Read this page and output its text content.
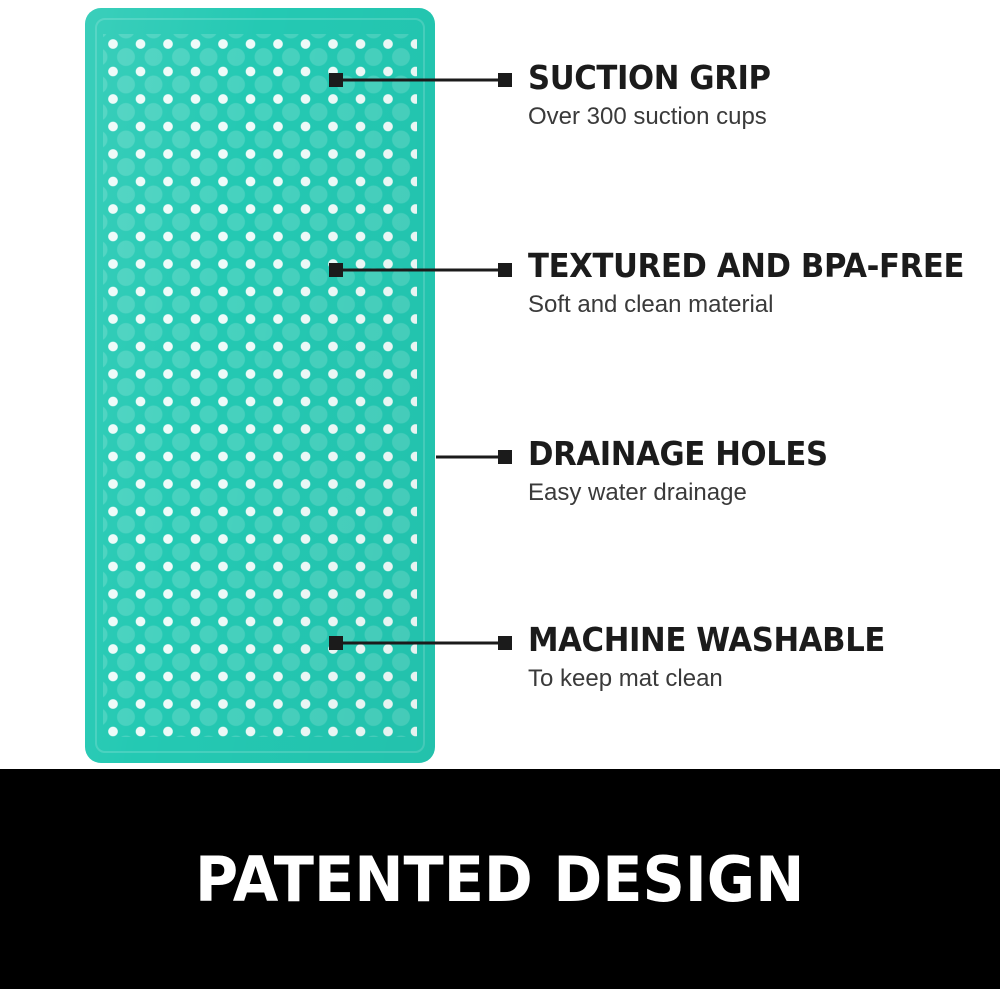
SUCTION GRIP

Over 300 suction cups

TEXTURED AND BPA-FREE

Soft and clean material

DRAINAGE HOLES

Easy water drainage

MACHINE WASHABLE

To keep mat clean

PATENTED DESIGN
